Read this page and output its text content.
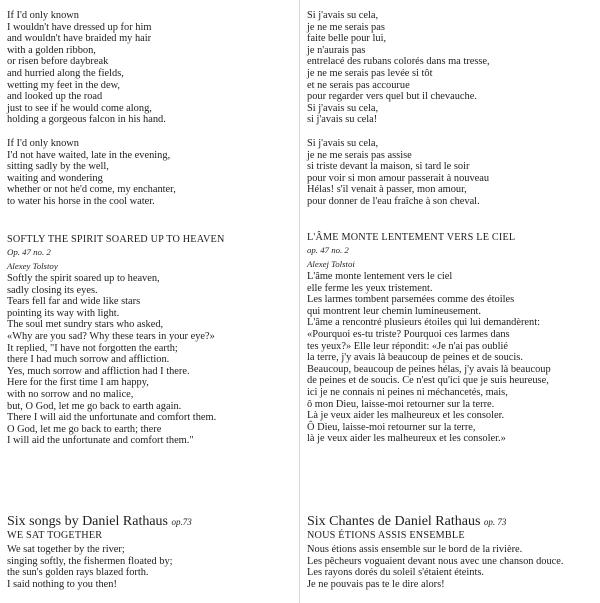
If I'd only known
I wouldn't have dressed up for him
and wouldn't have braided my hair
with a golden ribbon,
or risen before daybreak
and hurried along the fields,
wetting my feet in the dew,
and looked up the road
just to see if he would come along,
holding a gorgeous falcon in his hand.
If I'd only known
I'd not have waited, late in the evening,
sitting sadly by the well,
waiting and wondering
whether or not he'd come, my enchanter,
to water his horse in the cool water.
SOFTLY THE SPIRIT SOARED UP TO HEAVEN
Op. 47 no. 2
Alexey Tolstoy
Softly the spirit soared up to heaven,
sadly closing its eyes.
Tears fell far and wide like stars
pointing its way with light.
The soul met sundry stars who asked,
«Why are you sad? Why these tears in your eye?»
It replied, "I have not forgotten the earth;
there I had much sorrow and affliction.
Yes, much sorrow and affliction had I there.
Here for the first time I am happy,
with no sorrow and no malice,
but, O God, let me go back to earth again.
There I will aid the unfortunate and comfort them.
O God, let me go back to earth; there
I will aid the unfortunate and comfort them."
Six songs by Daniel Rathaus op.73
WE SAT TOGETHER
We sat together by the river;
singing softly, the fishermen floated by;
the sun's golden rays blazed forth.
I said nothing to you then!
Si j'avais su cela,
je ne me serais pas
faite belle pour lui,
je n'aurais pas
entrelacé des rubans colorés dans ma tresse,
je ne me serais pas levée si tôt
et ne serais pas accourue
pour regarder vers quel but il chevauche.
Si j'avais su cela,
si j'avais su cela!
Si j'avais su cela,
je ne me serais pas assise
si triste devant la maison, si tard le soir
pour voir si mon amour passerait à nouveau
Hélas! s'il venait à passer, mon amour,
pour donner de l'eau fraîche à son cheval.
L'ÂME MONTE LENTEMENT VERS LE CIEL
op. 47 no. 2
Alexej Tolstoi
L'âme monte lentement vers le ciel
elle ferme les yeux tristement.
Les larmes tombent parsemées comme des étoiles
qui montrent leur chemin lumineusement.
L'âme a rencontré plusieurs étoiles qui lui demandèrent:
«Pourquoi es-tu triste? Pourquoi ces larmes dans
tes yeux?» Elle leur répondit: «Je n'ai pas oublié
la terre, j'y avais là beaucoup de peines et de soucis.
Beaucoup, beaucoup de peines hélas, j'y avais là beaucoup
de peines et de soucis. Ce n'est qu'ici que je suis heureuse,
ici je ne connais ni peines ni méchancetés, mais,
ô mon Dieu, laisse-moi retourner sur la terre.
Là je veux aider les malheureux et les consoler.
Ô Dieu, laisse-moi retourner sur la terre,
là je veux aider les malheureux et les consoler.»
Six Chantes de Daniel Rathaus op. 73
NOUS ÉTIONS ASSIS ENSEMBLE
Nous étions assis ensemble sur le bord de la rivière.
Les pêcheurs voguaient devant nous avec une chanson douce.
Les rayons dorés du soleil s'étaient éteints.
Je ne pouvais pas te le dire alors!
